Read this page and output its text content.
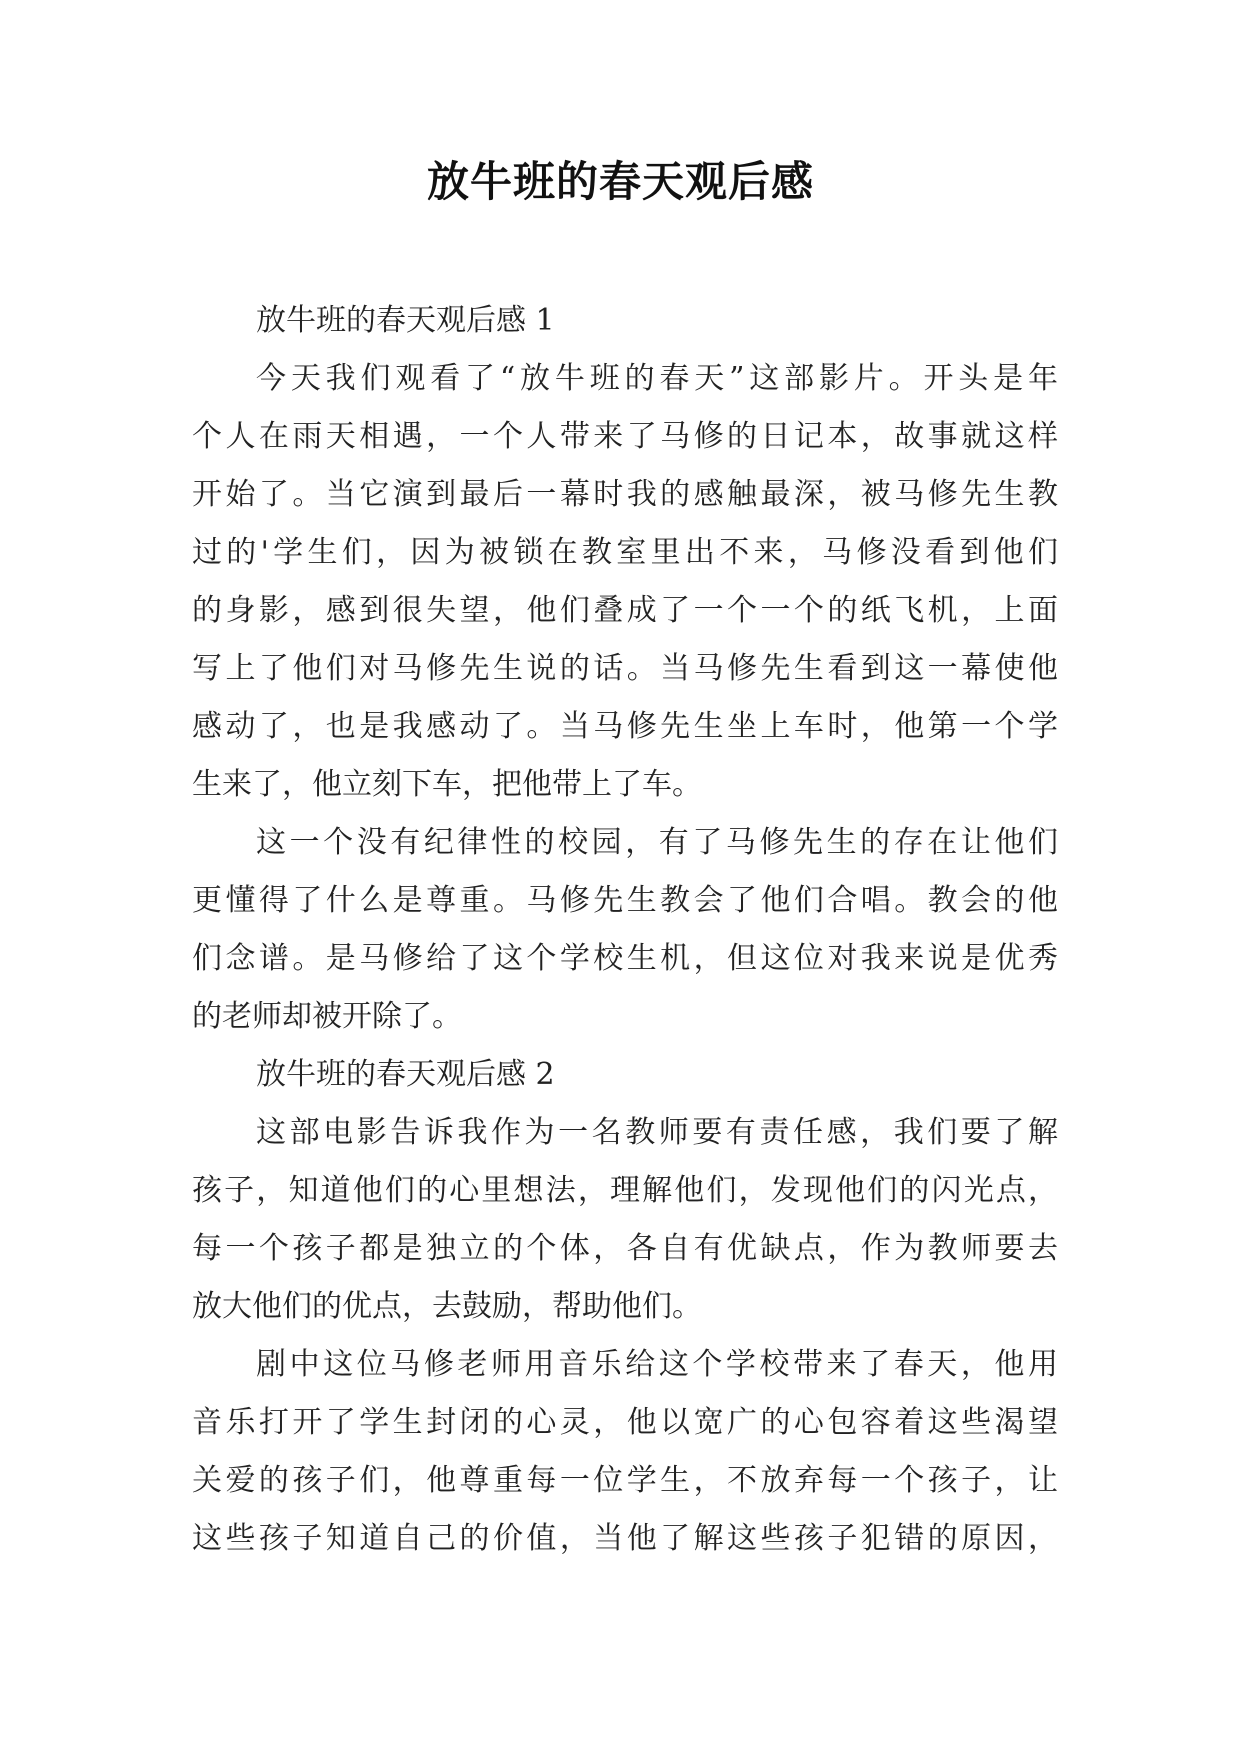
放牛班的春天观后感
放牛班的春天观后感 1
今天我们观看了“放牛班的春天”这部影片。开头是年
个人在雨天相遇，一个人带来了马修的日记本，故事就这样
开始了。当它演到最后一幕时我的感触最深，被马修先生教
过的'学生们，因为被锁在教室里出不来，马修没看到他们
的身影，感到很失望，他们叠成了一个一个的纸飞机，上面
写上了他们对马修先生说的话。当马修先生看到这一幕使他
感动了，也是我感动了。当马修先生坐上车时，他第一个学
生来了，他立刻下车，把他带上了车。
这一个没有纪律性的校园，有了马修先生的存在让他们
更懂得了什么是尊重。马修先生教会了他们合唱。教会的他
们念谱。是马修给了这个学校生机，但这位对我来说是优秀
的老师却被开除了。
放牛班的春天观后感 2
这部电影告诉我作为一名教师要有责任感，我们要了解
孩子，知道他们的心里想法，理解他们，发现他们的闪光点，
每一个孩子都是独立的个体，各自有优缺点，作为教师要去
放大他们的优点，去鼓励，帮助他们。
剧中这位马修老师用音乐给这个学校带来了春天，他用
音乐打开了学生封闭的心灵，他以宽广的心包容着这些渴望
关爱的孩子们，他尊重每一位学生，不放弃每一个孩子，让
这些孩子知道自己的价值，当他了解这些孩子犯错的原因，
